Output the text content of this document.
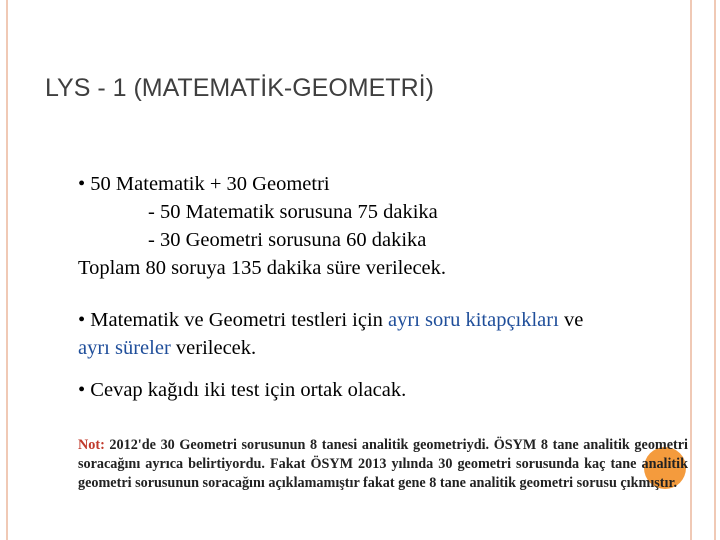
LYS - 1 (MATEMATİK-GEOMETRİ)
• 50 Matematik + 30 Geometri
- 50 Matematik sorusuna 75 dakika
- 30 Geometri sorusuna 60 dakika
Toplam 80 soruya 135 dakika süre verilecek.
• Matematik ve Geometri testleri için ayrı soru kitapçıkları ve
ayrı süreler verilecek.
• Cevap kağıdı iki test için ortak olacak.
Not: 2012'de 30 Geometri sorusunun 8 tanesi analitik geometriydi. ÖSYM 8 tane analitik geometri soracağını ayrıca belirtiyordu. Fakat ÖSYM 2013 yılında 30 geometri sorusunda kaç tane analitik geometri sorusunun soracağını açıklamamıştır fakat gene 8 tane analitik geometri sorusu çıkmıştır.
